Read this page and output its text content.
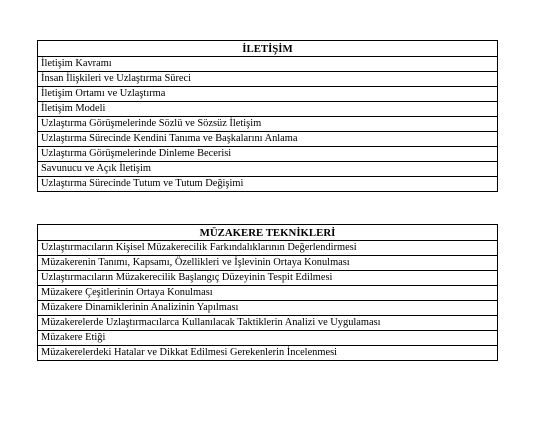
İLETİŞİM
İletişim Kavramı
İnsan İlişkileri ve Uzlaştırma Süreci
İletişim Ortamı ve Uzlaştırma
İletişim Modeli
Uzlaştırma Görüşmelerinde Sözlü ve Sözsüz İletişim
Uzlaştırma Sürecinde Kendini Tanıma ve Başkalarını Anlama
Uzlaştırma Görüşmelerinde Dinleme Becerisi
Savunucu ve Açık İletişim
Uzlaştırma Sürecinde Tutum ve Tutum Değişimi
MÜZAKERE TEKNİKLERİ
Uzlaştırmacıların Kişisel Müzakerecilik Farkındalıklarının Değerlendirmesi
Müzakerenin Tanımı, Kapsamı, Özellikleri ve İşlevinin Ortaya Konulması
Uzlaştırmacıların Müzakerecilik Başlangıç Düzeyinin Tespit Edilmesi
Müzakere Çeşitlerinin Ortaya Konulması
Müzakere Dinamiklerinin Analizinin Yapılması
Müzakerelerde Uzlaştırmacılarca Kullanılacak Taktiklerin Analizi ve Uygulaması
Müzakere Etiği
Müzakerelerdeki Hatalar ve Dikkat Edilmesi Gerekenlerin İncelenmesi
